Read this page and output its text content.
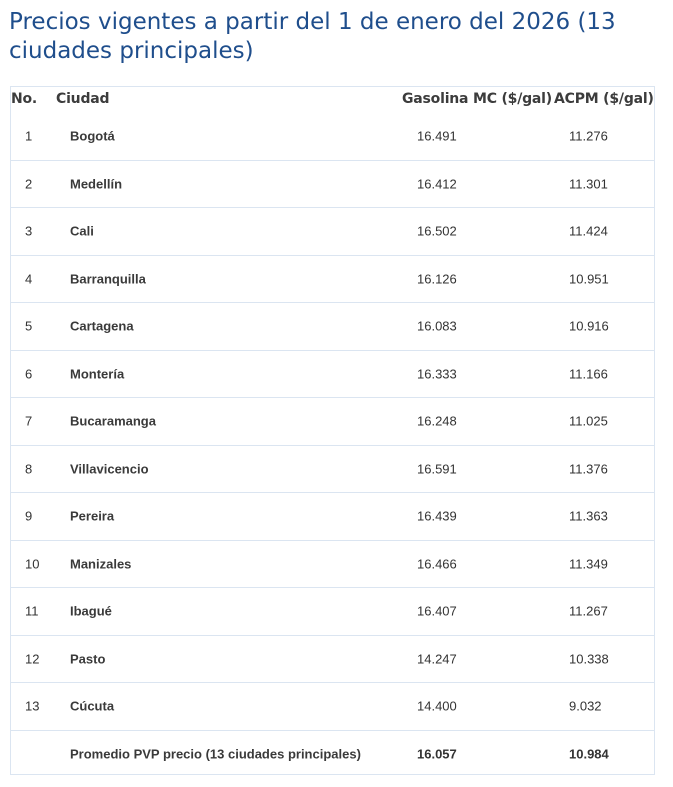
Precios vigentes a partir del 1 de enero del 2026 (13 ciudades principales)
No. Ciudad	Gasolina MC ($/gal) ACPM ($/gal)
1	Bogotá	16.491	11.276
2	Medellín	16.412	11.301
3	Cali	16.502	11.424
4	Barranquilla	16.126	10.951
5	Cartagena	16.083	10.916
6	Montería	16.333	11.166
7	Bucaramanga	16.248	11.025
8	Villavicencio	16.591	11.376
9	Pereira	16.439	11.363
10 Manizales	16.466	11.349
11 Ibagué	16.407	11.267
12 Pasto	14.247	10.338
13 Cúcuta	14.400	9.032
Promedio PVP precio (13 ciudades principales)	16.057	10.984
